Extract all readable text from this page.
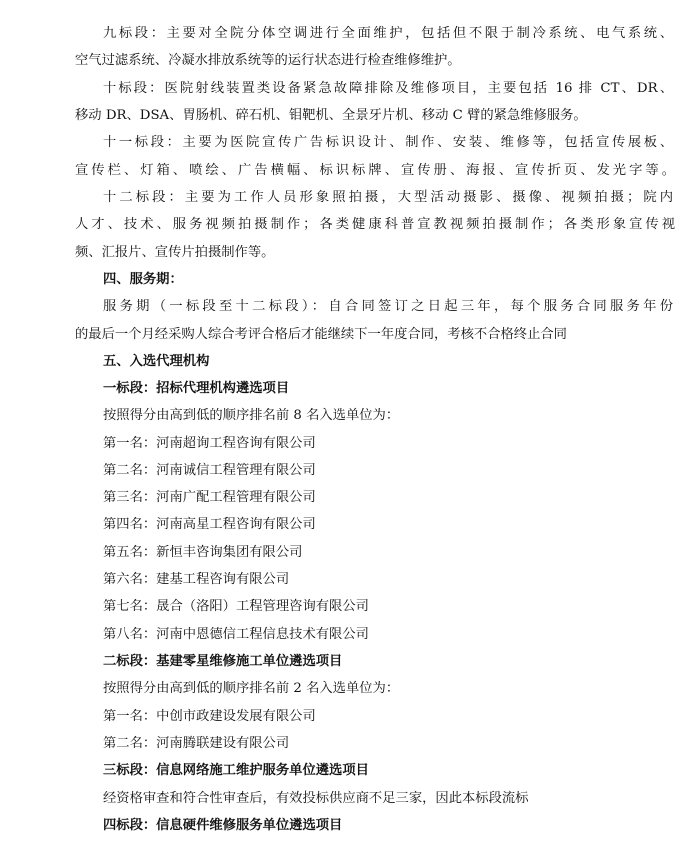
九标段：主要对全院分体空调进行全面维护，包括但不限于制冷系统、电气系统、
空气过滤系统、冷凝水排放系统等的运行状态进行检查维修维护。
十标段：医院射线装置类设备紧急故障排除及维修项目，主要包括 16 排 CT、DR、
移动 DR、DSA、胃肠机、碎石机、钼靶机、全景牙片机、移动 C 臂的紧急维修服务。
十一标段：主要为医院宣传广告标识设计、制作、安装、维修等，包括宣传展板、
宣传栏、灯箱、喷绘、广告横幅、标识标牌、宣传册、海报、宣传折页、发光字等。
十二标段：主要为工作人员形象照拍摄，大型活动摄影、摄像、视频拍摄；院内
人才、技术、服务视频拍摄制作；各类健康科普宣教视频拍摄制作；各类形象宣传视
频、汇报片、宣传片拍摄制作等。
四、服务期：
服务期（一标段至十二标段）：自合同签订之日起三年，每个服务合同服务年份
的最后一个月经采购人综合考评合格后才能继续下一年度合同，考核不合格终止合同
五、入选代理机构
一标段：招标代理机构遴选项目
按照得分由高到低的顺序排名前 8 名入选单位为：
第一名：河南超询工程咨询有限公司
第二名：河南诚信工程管理有限公司
第三名：河南广配工程管理有限公司
第四名：河南高星工程咨询有限公司
第五名：新恒丰咨询集团有限公司
第六名：建基工程咨询有限公司
第七名：晟合（洛阳）工程管理咨询有限公司
第八名：河南中恩德信工程信息技术有限公司
二标段：基建零星维修施工单位遴选项目
按照得分由高到低的顺序排名前 2 名入选单位为：
第一名：中创市政建设发展有限公司
第二名：河南腾联建设有限公司
三标段：信息网络施工维护服务单位遴选项目
经资格审查和符合性审查后，有效投标供应商不足三家，因此本标段流标
四标段：信息硬件维修服务单位遴选项目
